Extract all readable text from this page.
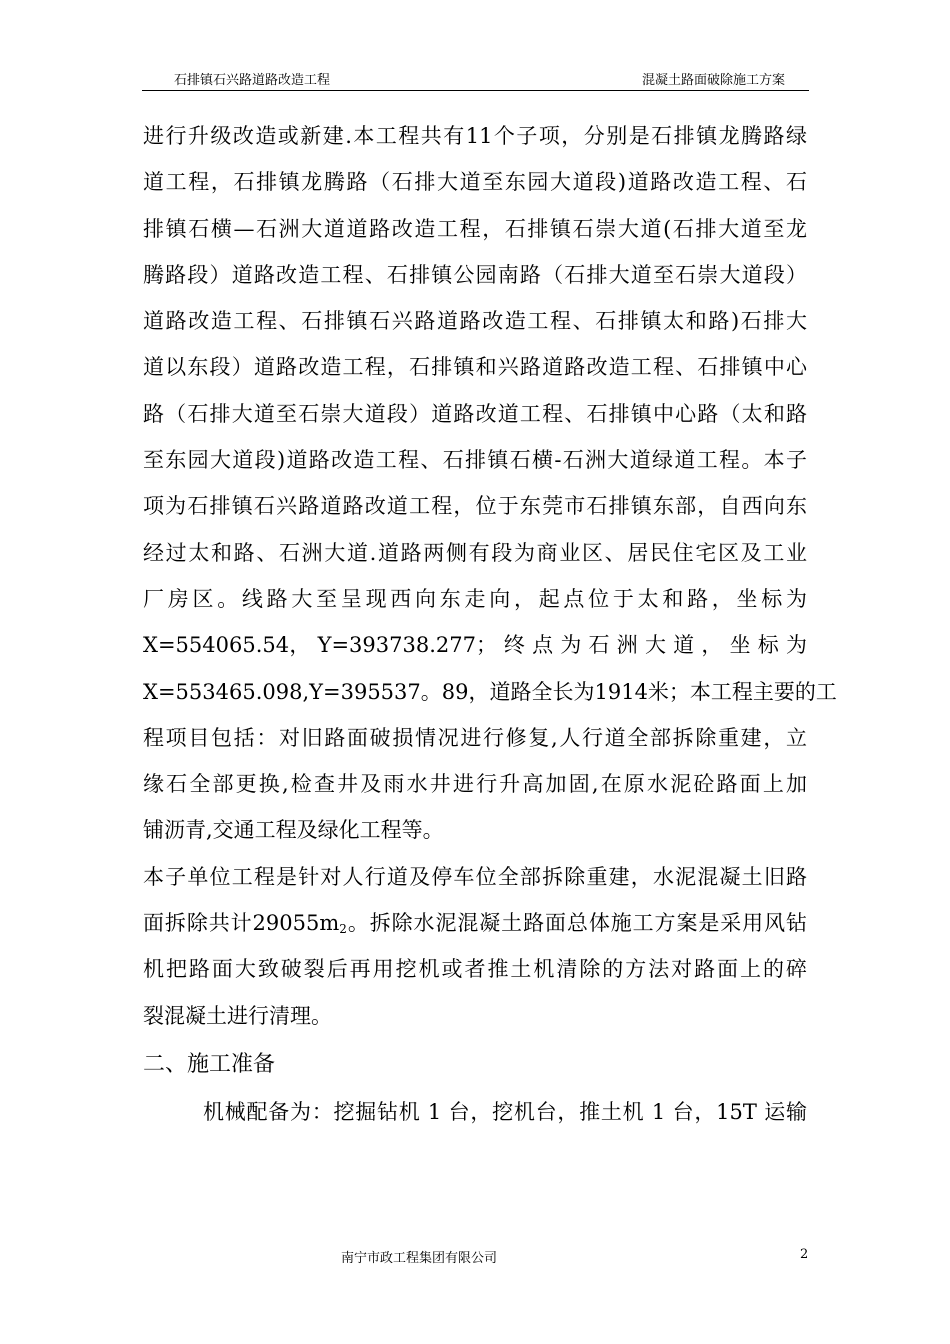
石排镇石兴路道路改造工程	混凝土路面破除施工方案
进行升级改造或新建.本工程共有11个子项，分别是石排镇龙腾路绿
道工程，石排镇龙腾路（石排大道至东园大道段)道路改造工程、石
排镇石横—石洲大道道路改造工程，石排镇石崇大道(石排大道至龙
腾路段）道路改造工程、石排镇公园南路（石排大道至石崇大道段）
道路改造工程、石排镇石兴路道路改造工程、石排镇太和路)石排大
道以东段）道路改造工程，石排镇和兴路道路改造工程、石排镇中心
路（石排大道至石崇大道段）道路改道工程、石排镇中心路（太和路
至东园大道段)道路改造工程、石排镇石横-石洲大道绿道工程。本子
项为石排镇石兴路道路改道工程，位于东莞市石排镇东部，自西向东
经过太和路、石洲大道.道路两侧有段为商业区、居民住宅区及工业
厂房区。线路大至呈现西向东走向，起点位于太和路，坐标为
X=554065.54， Y=393738.277； 终 点 为 石 洲 大 道 ， 坐 标 为
X=553465.098,Y=395537。89，道路全长为1914米；本工程主要的工
程项目包括：对旧路面破损情况进行修复,人行道全部拆除重建，立
缘石全部更换,检查井及雨水井进行升高加固,在原水泥砼路面上加
铺沥青,交通工程及绿化工程等。
本子单位工程是针对人行道及停车位全部拆除重建，水泥混凝土旧路
面拆除共计$29055m^2$。拆除水泥混凝土路面总体施工方案是采用风钻
机把路面大致破裂后再用挖机或者推土机清除的方法对路面上的碎
裂混凝土进行清理。
二、施工准备
机械配备为：挖掘钻机 1 台，挖机台，推土机 1 台，15T 运输
南宁市政工程集团有限公司	2
